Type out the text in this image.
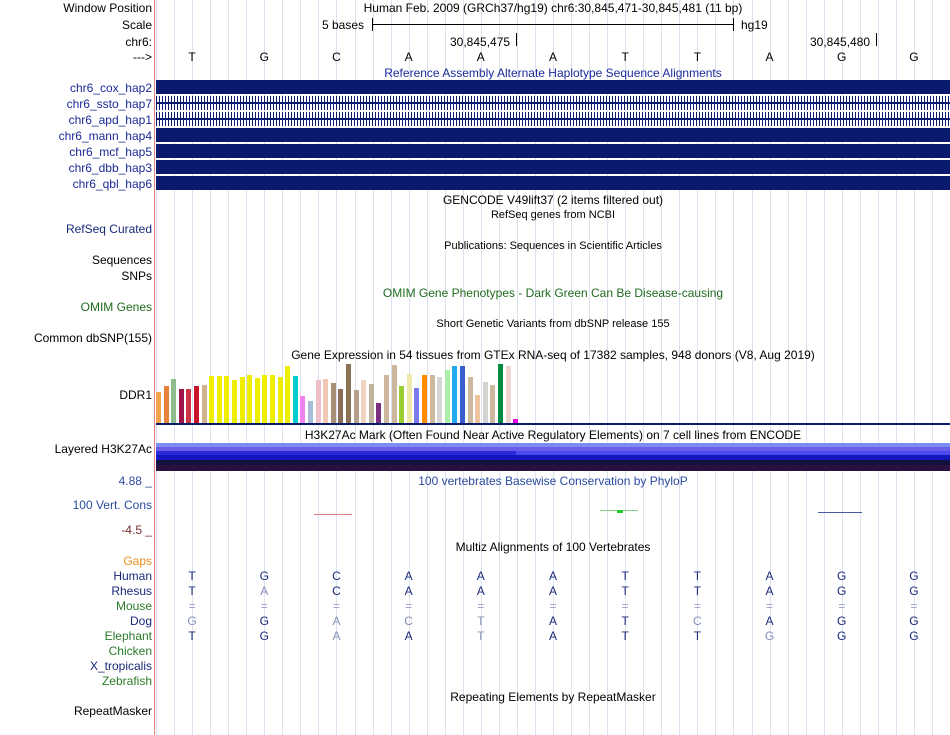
Window Position	Human Feb. 2009 (GRCh37/hg19) chr6:30,845,471-30,845,481 (11 bp)
Scale	5 bases	hg19
chr6:	30,845,475	30,845,480
--->
Reference Assembly Alternate Haplotype Sequence Alignments
GENCODE V49lift37 (2 items filtered out)
RefSeq genes from NCBI
RefSeq Curated
Publications: Sequences in Scientific Articles
Sequences
SNPs
OMIM Gene Phenotypes - Dark Green Can Be Disease-causing
OMIM Genes
Short Genetic Variants from dbSNP release 155
Common dbSNP(155)
Gene Expression in 54 tissues from GTEx RNA-seq of 17382 samples, 948 donors (V8, Aug 2019)
DDR1
H3K27Ac Mark (Often Found Near Active Regulatory Elements) on 7 cell lines from ENCODE
Layered H3K27Ac
4.88 _	100 vertebrates Basewise Conservation by PhyloP
100 Vert. Cons
-4.5 _
Multiz Alignments of 100 Vertebrates
Gaps
Repeating Elements by RepeatMasker
RepeatMasker
T	G	C	A	A	A	T	T	A	G	G
chr6_cox_hap2
chr6_ssto_hap7
chr6_apd_hap1
chr6_mann_hap4
chr6_mcf_hap5
chr6_dbb_hap3
chr6_qbl_hap6
Human	T	G	C	A	A	A	T	T	A	G	G
Rhesus	T	A	C	A	A	A	T	T	A	G	G
Mouse	=	=	=	=	=	=	=	=	=	=	=
Dog	G	G	A	C	T	A	T	C	A	G	G
Elephant	T	G	A	A	T	A	T	T	G	G	G
Chicken
X_tropicalis
Zebrafish
